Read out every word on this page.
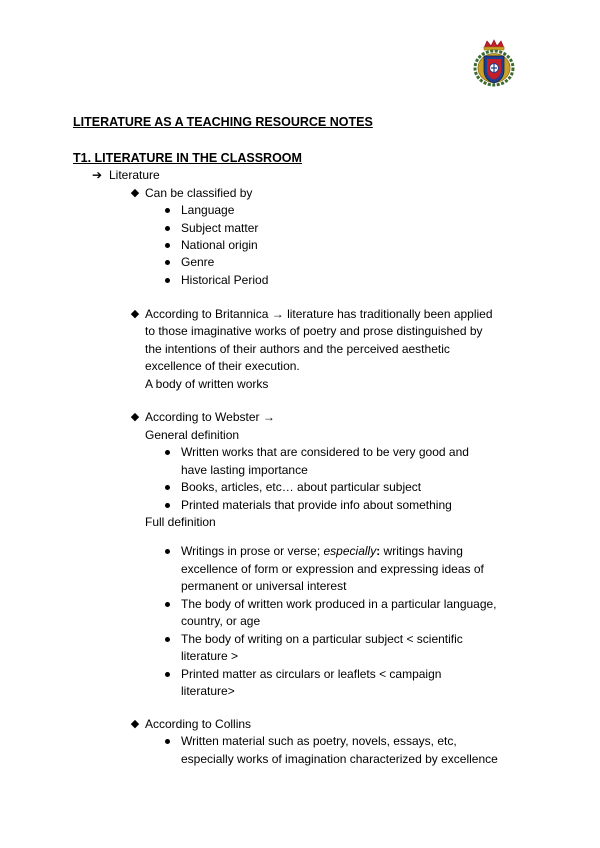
LITERATURE AS A TEACHING RESOURCE NOTES
T1. LITERATURE IN THE CLASSROOM
➔ Literature
◆ Can be classified by
Language
Subject matter
National origin
Genre
Historical Period
◆ According to Britannica → literature has traditionally been applied
to those imaginative works of poetry and prose distinguished by
the intentions of their authors and the perceived aesthetic
excellence of their execution.
A body of written works
◆ According to Webster →
General definition
Written works that are considered to be very good and
have lasting importance
Books, articles, etc… about particular subject
Printed materials that provide info about something
Full definition
Writings in prose or verse; especially: writings having
excellence of form or expression and expressing ideas of
permanent or universal interest
The body of written work produced in a particular language,
country, or age
The body of writing on a particular subject < scientific
literature >
Printed matter as circulars or leaflets < campaign
literature>
◆ According to Collins
Written material such as poetry, novels, essays, etc,
especially works of imagination characterized by excellence
